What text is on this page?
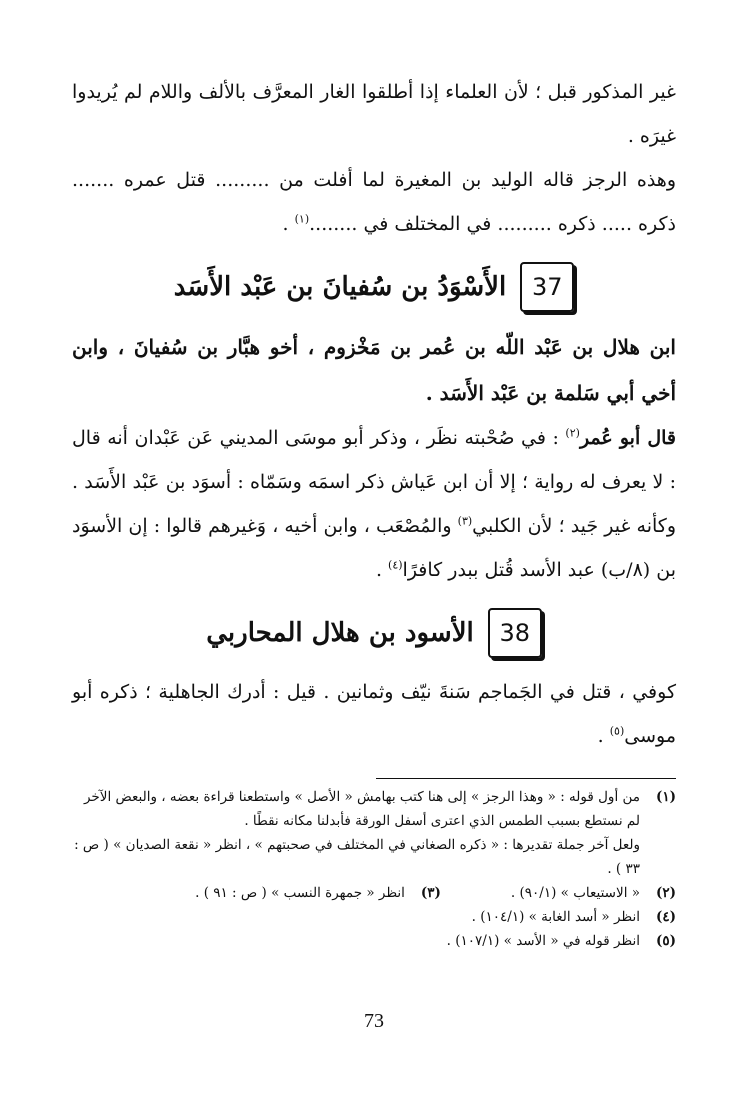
غير المذكور قبل ؛ لأن العلماء إذا أطلقوا الغار المعرَّف بالألف واللام لم يُريدوا غيرَه .

وهذه الرجز قاله الوليد بن المغيرة لما أفلت من ......... قتل عمره ....... ذكره ..... ذكره ......... في المختلف في ........$^{(١)}$ .

37
الأَسْوَدُ بن سُفيانَ بن عَبْد الأَسَد

ابن هلال بن عَبْد اللّه بن عُمر بن مَخْزوم ، أخو هبَّار بن سُفيانَ ، وابن أخي أبي سَلمة بن عَبْد الأَسَد .

قال أبو عُمر$^{(٢)}$ : في صُحْبته نظَر ، وذكر أبو موسَى المديني عَن عَبْدان أنه قال : لا يعرف له رواية ؛ إلا أن ابن عَياش ذكر اسمَه وسَمّاه : أسوَد بن عَبْد الأَسَد . وكأنه غير جَيد ؛ لأن الكلبي$^{(٣)}$ والمُصْعَب ، وابن أخيه ، وَغيرهم قالوا : إن الأسوَد بن (٨/ب) عبد الأسد قُتل ببدر كافرًا$^{(٤)}$ .

38
الأسود بن هلال المحاربي

كوفي ، قتل في الجَماجم سَنةَ نيّف وثمانين . قيل : أدرك الجاهلية ؛ ذكره أبو موسى$^{(٥)}$ .

(١)
من أول قوله : « وهذا الرجز » إلى هنا كتب بهامش « الأصل » واستطعنا قراءة بعضه ، والبعض الآخر لم نستطع بسبب الطمس الذي اعترى أسفل الورقة فأبدلنا مكانه نقطًا .
ولعل آخر جملة تقديرها : « ذكره الصغاني في المختلف في صحبتهم » ، انظر « نقعة الصديان » ( ص : ٣٣ ) .
(٢)
« الاستيعاب » (٩٠/١) .
(٣)
انظر « جمهرة النسب » ( ص : ٩١ ) .
(٤)
انظر « أسد الغابة » (١٠٤/١) .
(٥)
انظر قوله في « الأسد » (١٠٧/١) .
73
